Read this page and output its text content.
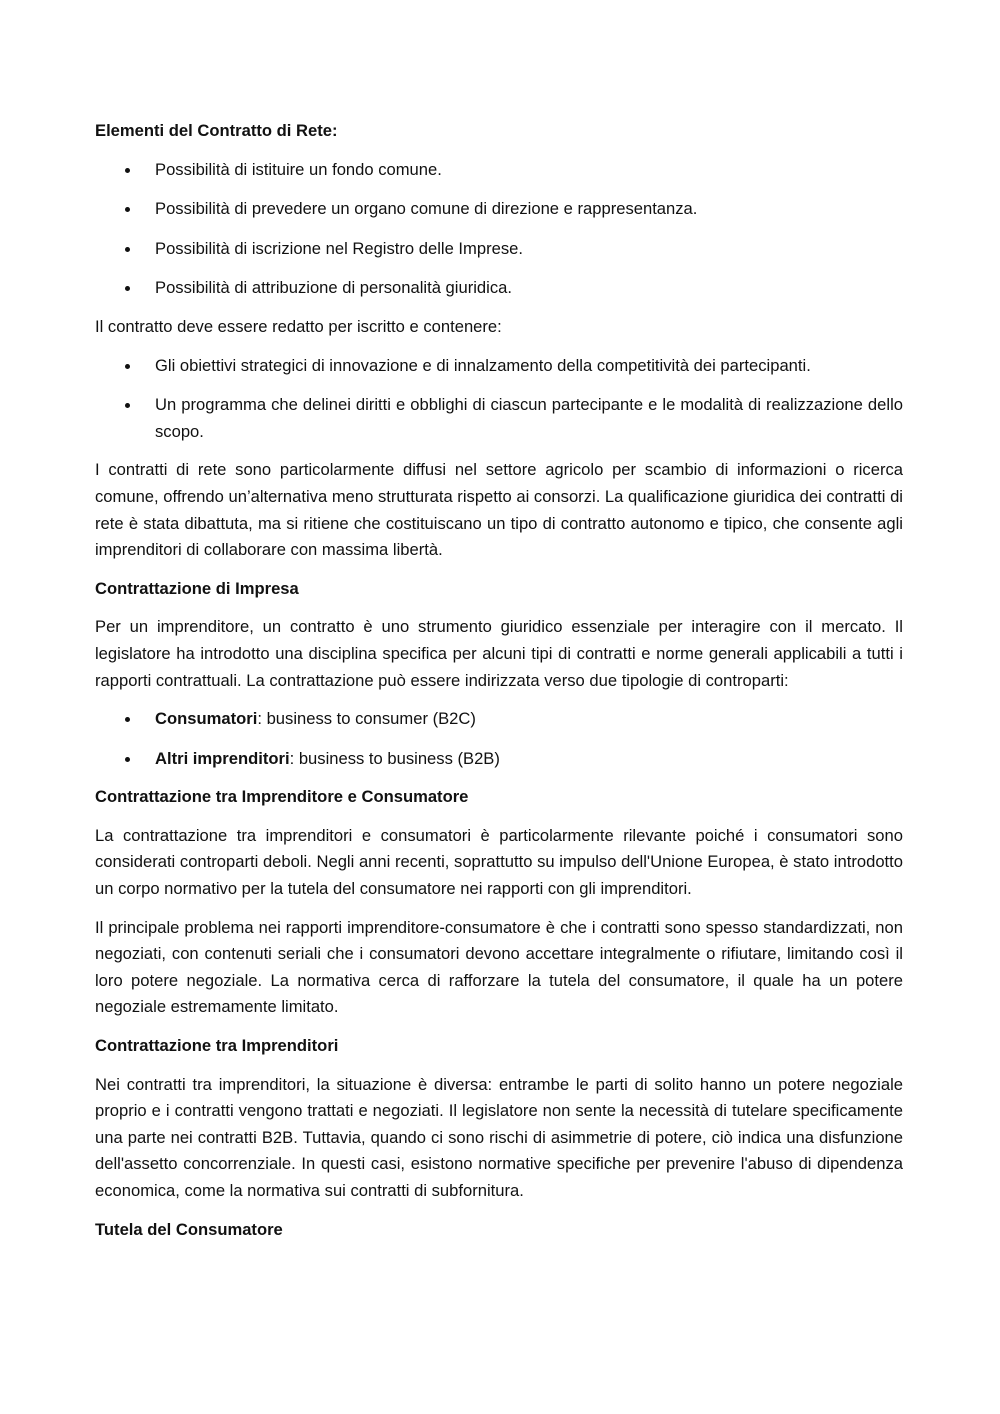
Elementi del Contratto di Rete:
Possibilità di istituire un fondo comune.
Possibilità di prevedere un organo comune di direzione e rappresentanza.
Possibilità di iscrizione nel Registro delle Imprese.
Possibilità di attribuzione di personalità giuridica.

Il contratto deve essere redatto per iscritto e contenere:

Gli obiettivi strategici di innovazione e di innalzamento della competitività dei partecipanti.
Un programma che delinei diritti e obblighi di ciascun partecipante e le modalità di realizzazione dello scopo.

I contratti di rete sono particolarmente diffusi nel settore agricolo per scambio di informazioni o ricerca comune, offrendo un’alternativa meno strutturata rispetto ai consorzi. La qualificazione giuridica dei contratti di rete è stata dibattuta, ma si ritiene che costituiscano un tipo di contratto autonomo e tipico, che consente agli imprenditori di collaborare con massima libertà.

Contrattazione di Impresa

Per un imprenditore, un contratto è uno strumento giuridico essenziale per interagire con il mercato. Il legislatore ha introdotto una disciplina specifica per alcuni tipi di contratti e norme generali applicabili a tutti i rapporti contrattuali. La contrattazione può essere indirizzata verso due tipologie di controparti:

Consumatori: business to consumer (B2C)
Altri imprenditori: business to business (B2B)
Contrattazione tra Imprenditore e Consumatore

La contrattazione tra imprenditori e consumatori è particolarmente rilevante poiché i consumatori sono considerati controparti deboli. Negli anni recenti, soprattutto su impulso dell'Unione Europea, è stato introdotto un corpo normativo per la tutela del consumatore nei rapporti con gli imprenditori.

Il principale problema nei rapporti imprenditore-consumatore è che i contratti sono spesso standardizzati, non negoziati, con contenuti seriali che i consumatori devono accettare integralmente o rifiutare, limitando così il loro potere negoziale. La normativa cerca di rafforzare la tutela del consumatore, il quale ha un potere negoziale estremamente limitato.

Contrattazione tra Imprenditori

Nei contratti tra imprenditori, la situazione è diversa: entrambe le parti di solito hanno un potere negoziale proprio e i contratti vengono trattati e negoziati. Il legislatore non sente la necessità di tutelare specificamente una parte nei contratti B2B. Tuttavia, quando ci sono rischi di asimmetrie di potere, ciò indica una disfunzione dell'assetto concorrenziale. In questi casi, esistono normative specifiche per prevenire l'abuso di dipendenza economica, come la normativa sui contratti di subfornitura.

Tutela del Consumatore
